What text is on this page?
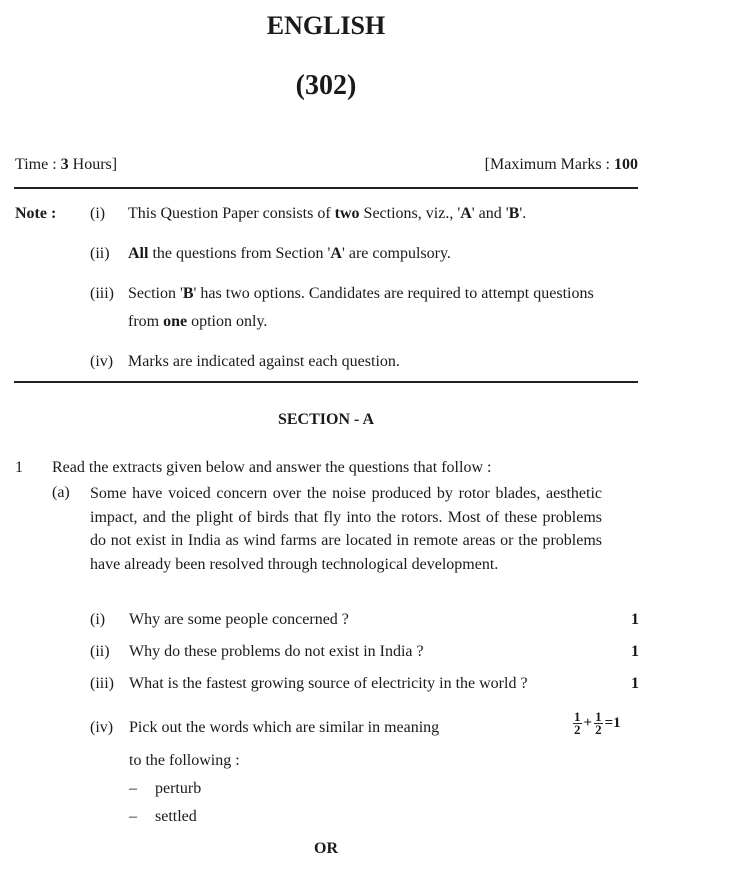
ENGLISH
(302)
Time : 3 Hours]	[Maximum Marks : 100
Note : (i) This Question Paper consists of two Sections, viz., 'A' and 'B'.
(ii) All the questions from Section 'A' are compulsory.
(iii) Section 'B' has two options. Candidates are required to attempt questions
from one option only.
(iv) Marks are indicated against each question.
SECTION - A
1 Read the extracts given below and answer the questions that follow :
(a) Some have voiced concern over the noise produced by rotor blades, aesthetic impact, and the plight of birds that fly into the rotors. Most of these problems do not exist in India as wind farms are located in remote areas or the problems have already been resolved through technological development.
(i) Why are some people concerned ?	1
(ii) Why do these problems do not exist in India ?	1
(iii) What is the fastest growing source of electricity in the world ?	1
(iv) Pick out the words which are similar in meaning	$\frac{1}{2} + \frac{1}{2} =1$
to the following :
– perturb
– settled
OR
